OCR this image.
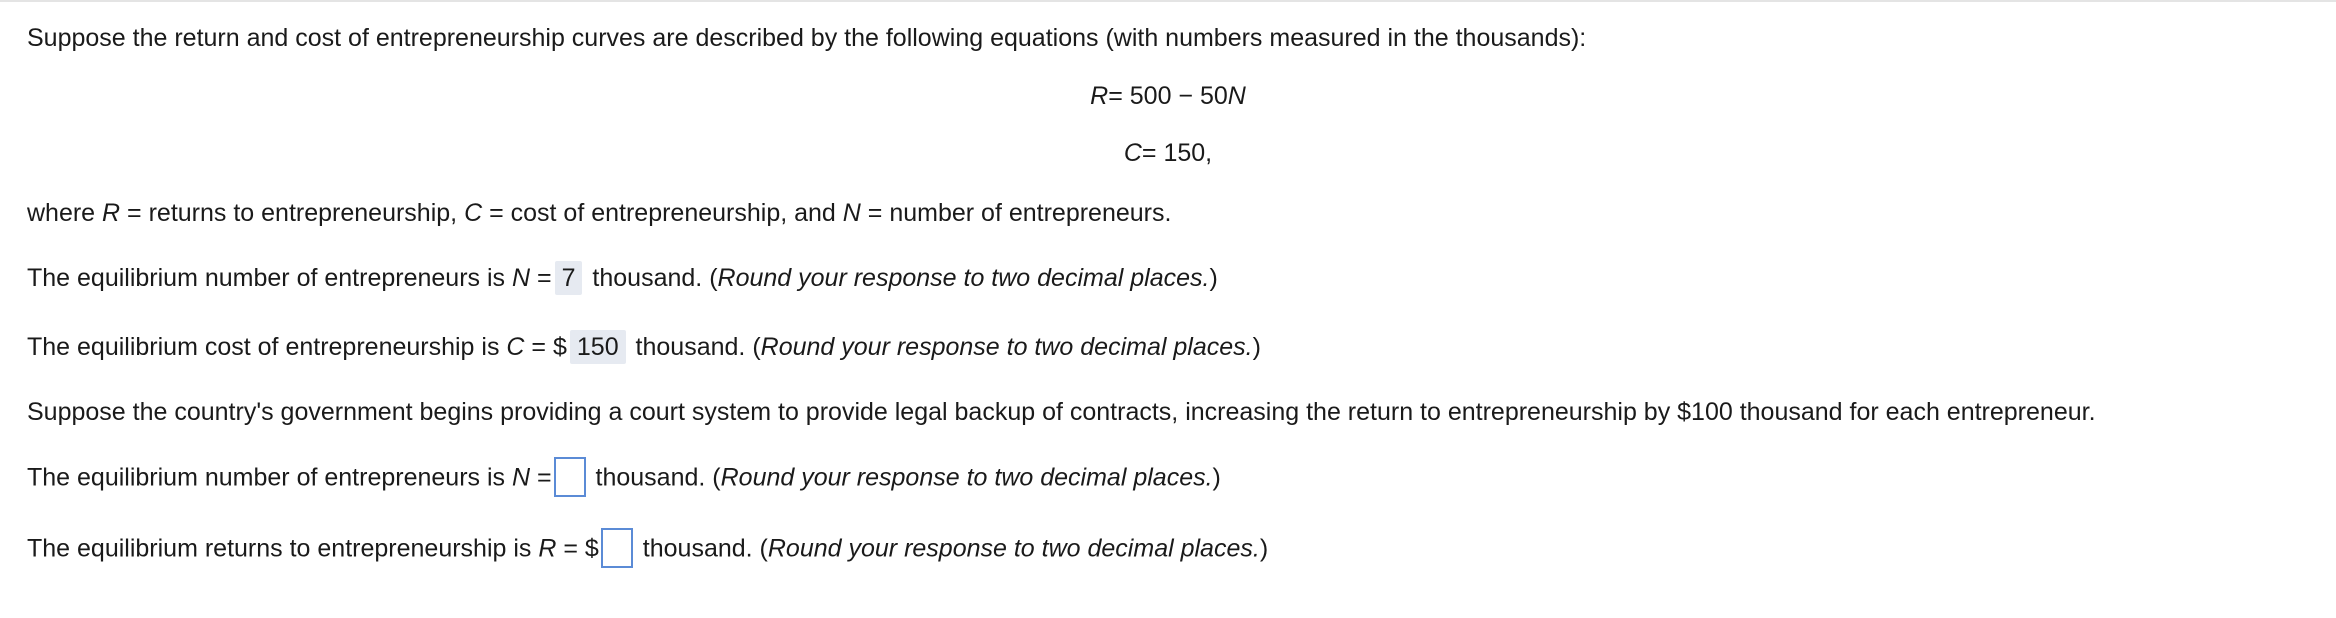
Suppose the return and cost of entrepreneurship curves are described by the following equations (with numbers measured in the thousands):
R= 500 − 50N
C= 150,
where R = returns to entrepreneurship, C = cost of entrepreneurship, and N = number of entrepreneurs.
The equilibrium number of entrepreneurs is N = 7 thousand. (Round your response to two decimal places.)
The equilibrium cost of entrepreneurship is C = $ 150 thousand. (Round your response to two decimal places.)
Suppose the country's government begins providing a court system to provide legal backup of contracts, increasing the return to entrepreneurship by $100 thousand for each entrepreneur.
The equilibrium number of entrepreneurs is N = thousand. (Round your response to two decimal places.)
The equilibrium returns to entrepreneurship is R = $ thousand. (Round your response to two decimal places.)
